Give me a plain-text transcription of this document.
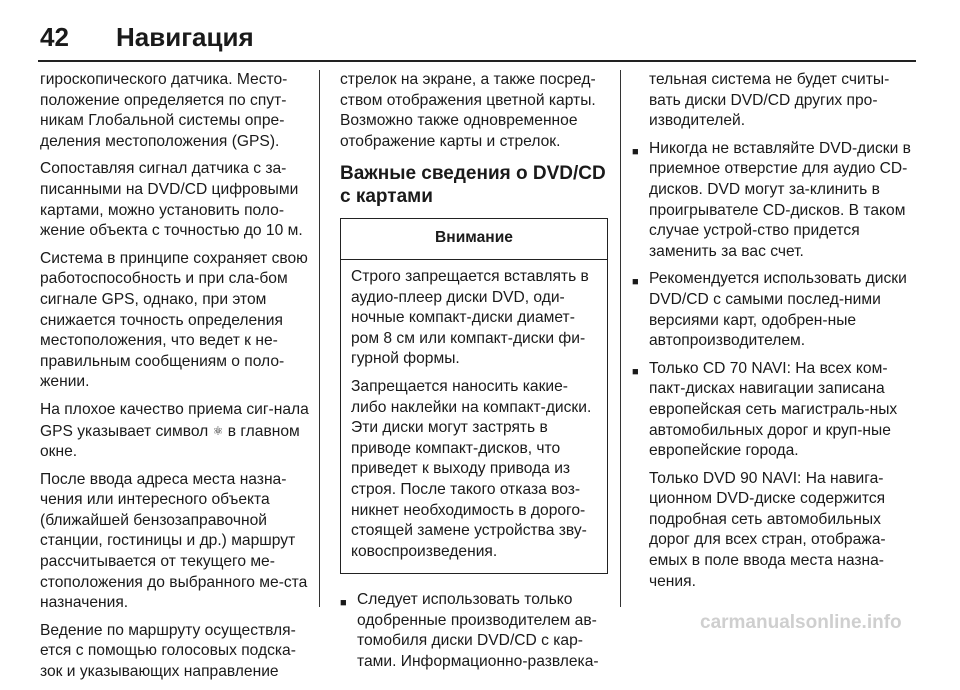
42	Навигация

гироскопического датчика. Место-положение определяется по спут-никам Глобальной системы опре-деления местоположения (GPS).

Сопоставляя сигнал датчика с за-писанными на DVD/CD цифровыми картами, можно установить поло-жение объекта с точностью до 10 м.

Система в принципе сохраняет свою работоспособность и при сла-бом сигнале GPS, однако, при этом снижается точность определения местоположения, что ведет к не-правильным сообщениям о поло-жении.

На плохое качество приема сиг-нала GPS указывает символ ⚛ в главном окне.

После ввода адреса места назна-чения или интересного объекта (ближайшей бензозаправочной станции, гостиницы и др.) маршрут рассчитывается от текущего ме-стоположения до выбранного ме-ста назначения.

Ведение по маршруту осуществля-ется с помощью голосовых подска-зок и указывающих направление

стрелок на экране, а также посред-ством отображения цветной карты. Возможно также одновременное отображение карты и стрелок.

Важные сведения о DVD/CD с картами
Внимание

Строго запрещается вставлять в аудио-плеер диски DVD, оди-ночные компакт-диски диамет-ром 8 см или компакт-диски фи-гурной формы.

Запрещается наносить какие-либо наклейки на компакт-диски. Эти диски могут застрять в приводе компакт-дисков, что приведет к выходу привода из строя. После такого отказа воз-никнет необходимость в дорого-стоящей замене устройства зву-ковоспроизведения.

■ Следует использовать только одобренные производителем ав-томобиля диски DVD/CD с кар-тами. Информационно-развлека-

тельная система не будет считы-вать диски DVD/CD других про-изводителей.

■ Никогда не вставляйте DVD-диски в приемное отверстие для аудио CD-дисков. DVD могут за-клинить в проигрывателе CD-дисков. В таком случае устрой-ство придется заменить за вас счет.
■ Рекомендуется использовать диски DVD/CD с самыми послед-ними версиями карт, одобрен-ные автопроизводителем.
■ Только CD 70 NAVI: На всех ком-пакт-дисках навигации записана европейская сеть магистраль-ных автомобильных дорог и круп-ные европейские города.

Только DVD 90 NAVI: На навига-ционном DVD-диске содержится подробная сеть автомобильных дорог для всех стран, отобража-емых в поле ввода места назна-чения.

carmanualsonline.info
